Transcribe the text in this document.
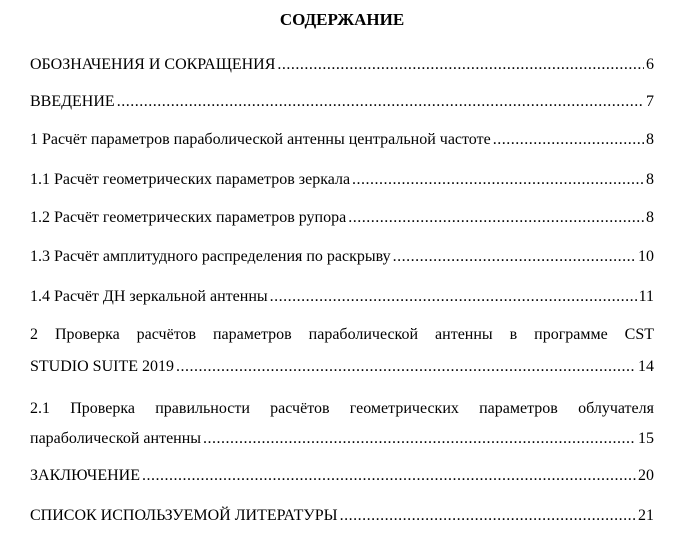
СОДЕРЖАНИЕ
ОБОЗНАЧЕНИЯ И СОКРАЩЕНИЯ .....	6
ВВЕДЕНИЕ .....	7
1 Расчёт параметров параболической антенны центральной частоте .....	8
1.1 Расчёт геометрических параметров зеркала .....	8
1.2 Расчёт геометрических параметров рупора .....	8
1.3 Расчёт амплитудного распределения по раскрыву .....	10
1.4 Расчёт ДН зеркальной антенны .....	11
2 Проверка расчётов параметров параболической антенны в программе CST
STUDIO SUITE 2019 .....	14
2.1 Проверка правильности расчётов геометрических параметров облучателя
параболической антенны .....	15
ЗАКЛЮЧЕНИЕ .....	20
СПИСОК ИСПОЛЬЗУЕМОЙ ЛИТЕРАТУРЫ .....	21
